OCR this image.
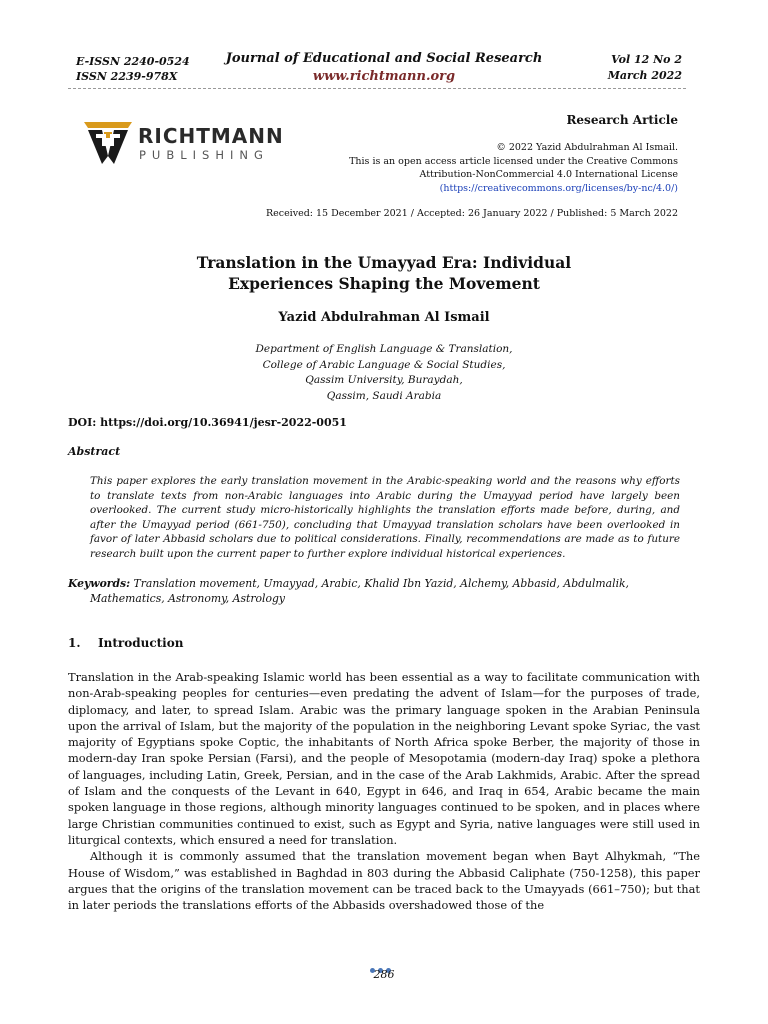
E-ISSN 2240-0524
ISSN 2239-978X
Journal of Educational and Social Research
www.richtmann.org
Vol 12 No 2
March 2022
RICHTMANN
PUBLISHING
Research Article
© 2022 Yazid Abdulrahman Al Ismail.
This is an open access article licensed under the Creative Commons
Attribution-NonCommercial 4.0 International License
(https://creativecommons.org/licenses/by-nc/4.0/)
Received: 15 December 2021 / Accepted: 26 January 2022 / Published: 5 March 2022
Translation in the Umayyad Era: Individual
Experiences Shaping the Movement
Yazid Abdulrahman Al Ismail
Department of English Language & Translation,
College of Arabic Language & Social Studies,
Qassim University, Buraydah,
Qassim, Saudi Arabia
DOI: https://doi.org/10.36941/jesr-2022-0051
Abstract
This paper explores the early translation movement in the Arabic-speaking world and the reasons why efforts to translate texts from non-Arabic languages into Arabic during the Umayyad period have largely been overlooked. The current study micro-historically highlights the translation efforts made before, during, and after the Umayyad period (661-750), concluding that Umayyad translation scholars have been overlooked in favor of later Abbasid scholars due to political considerations. Finally, recommendations are made as to future research built upon the current paper to further explore individual historical experiences.
Keywords: Translation movement, Umayyad, Arabic, Khalid Ibn Yazid, Alchemy, Abbasid, Abdulmalik, Mathematics, Astronomy, Astrology
1. Introduction

Translation in the Arab-speaking Islamic world has been essential as a way to facilitate communication with non-Arab-speaking peoples for centuries—even predating the advent of Islam—for the purposes of trade, diplomacy, and later, to spread Islam. Arabic was the primary language spoken in the Arabian Peninsula upon the arrival of Islam, but the majority of the population in the neighboring Levant spoke Syriac, the vast majority of Egyptians spoke Coptic, the inhabitants of North Africa spoke Berber, the majority of those in modern-day Iran spoke Persian (Farsi), and the people of Mesopotamia (modern-day Iraq) spoke a plethora of languages, including Latin, Greek, Persian, and in the case of the Arab Lakhmids, Arabic. After the spread of Islam and the conquests of the Levant in 640, Egypt in 646, and Iraq in 654, Arabic became the main spoken language in those regions, although minority languages continued to be spoken, and in places where large Christian communities continued to exist, such as Egypt and Syria, native languages were still used in liturgical contexts, which ensured a need for translation.

Although it is commonly assumed that the translation movement began when Bayt Alhykmah, “The House of Wisdom,” was established in Baghdad in 803 during the Abbasid Caliphate (750-1258), this paper argues that the origins of the translation movement can be traced back to the Umayyads (661–750); but that in later periods the translations efforts of the Abbasids overshadowed those of the

286
